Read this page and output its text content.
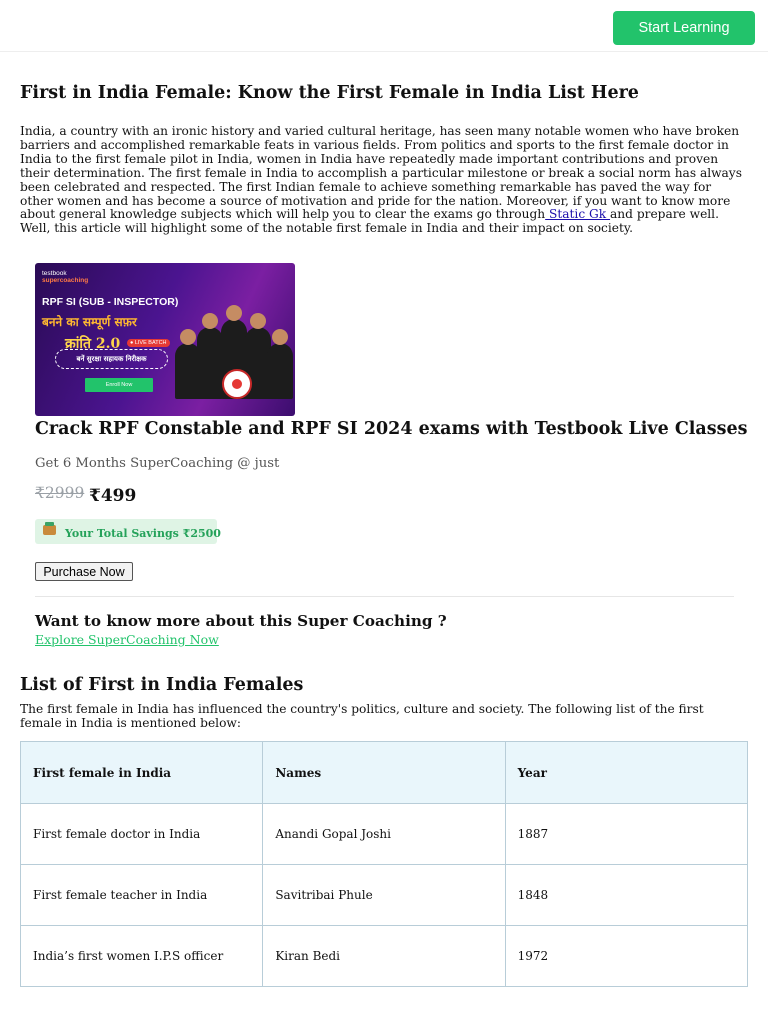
Start Learning
First in India Female: Know the First Female in India List Here

India, a country with an ironic history and varied cultural heritage, has seen many notable women who have broken barriers and accomplished remarkable feats in various fields. From politics and sports to the first female doctor in India to the first female pilot in India, women in India have repeatedly made important contributions and proven their determination. The first female in India to accomplish a particular milestone or break a social norm has always been celebrated and respected. The first Indian female to achieve something remarkable has paved the way for other women and has become a source of motivation and pride for the nation. Moreover, if you want to know more about general knowledge subjects which will help you to clear the exams go through Static Gk and prepare well. Well, this article will highlight some of the notable first female in India and their impact on society.

testbook
supercoaching
RPF SI (SUB - INSPECTOR)
बनने का सम्पूर्ण सफ़र
क्रांति 2.0	● LIVE BATCH
बनें सुरक्षा सहायक निरीक्षक
Enroll Now
Crack RPF Constable and RPF SI 2024 exams with Testbook Live Classes
Get 6 Months SuperCoaching @ just
₹2999 ₹499
Your Total Savings ₹2500
Purchase Now
Want to know more about this Super Coaching ?
Explore SuperCoaching Now
List of First in India Females

The first female in India has influenced the country's politics, culture and society. The following list of the first female in India is mentioned below:

First female in India	Names	Year
First female doctor in India	Anandi Gopal Joshi	1887
First female teacher in India	Savitribai Phule	1848
India’s first women I.P.S officer	Kiran Bedi	1972
